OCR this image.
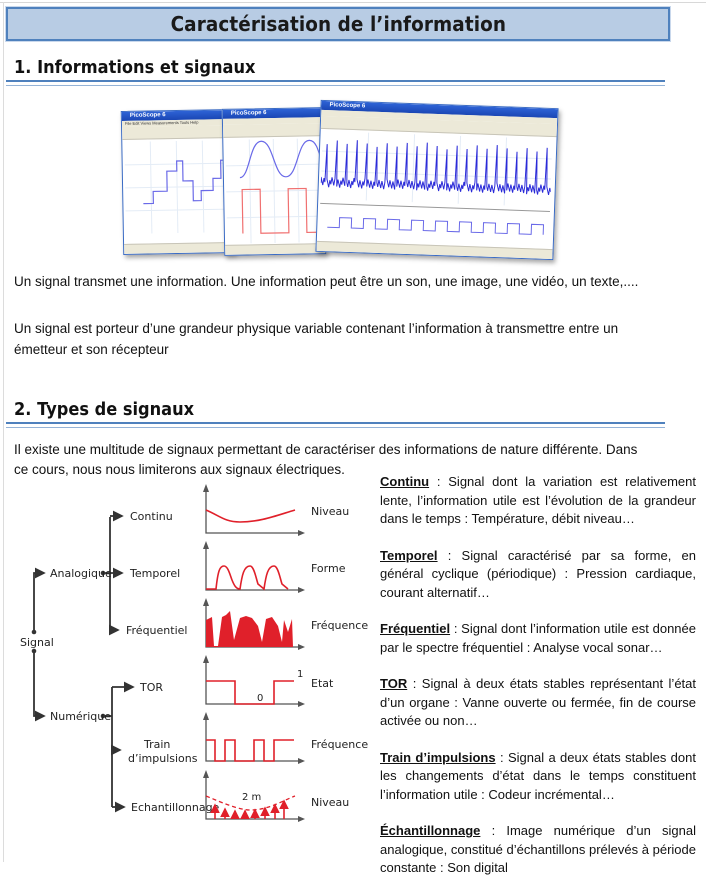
Caractérisation de l’information
1. Informations et signaux
PicoScope 6
File Edit Views Measurements Tools Help
PicoScope 6
PicoScope 6
Un signal transmet une information. Une information peut être un son, une image, une vidéo, un texte,....
Un signal est porteur d’une grandeur physique variable contenant l’information à transmettre entre un
émetteur et son récepteur
2. Types de signaux
Il existe une multitude de signaux permettant de caractériser des informations de nature différente. Dans
ce cours, nous nous limiterons aux signaux électriques.
Signal
Analogique
Numérique
Continu
Temporel
Fréquentiel
TOR
Train
d’impulsions
Echantillonnage
1
0
2 m
Niveau
Forme
Fréquence
Etat
Fréquence
Niveau

Continu : Signal dont la variation est relativement lente, l’information utile est l’évolution de la grandeur dans le temps : Température, débit niveau…

Temporel : Signal caractérisé par sa forme, en général cyclique (périodique) : Pression cardiaque, courant alternatif…

Fréquentiel : Signal dont l’information utile est donnée par le spectre fréquentiel : Analyse vocal sonar…

TOR : Signal à deux états stables représentant l’état d’un organe : Vanne ouverte ou fermée, fin de course activée ou non…

Train d’impulsions : Signal a deux états stables dont les changements d’état dans le temps constituent l’information utile : Codeur incrémental…

Échantillonnage : Image numérique d’un signal analogique, constitué d’échantillons prélevés à période constante : Son digital
